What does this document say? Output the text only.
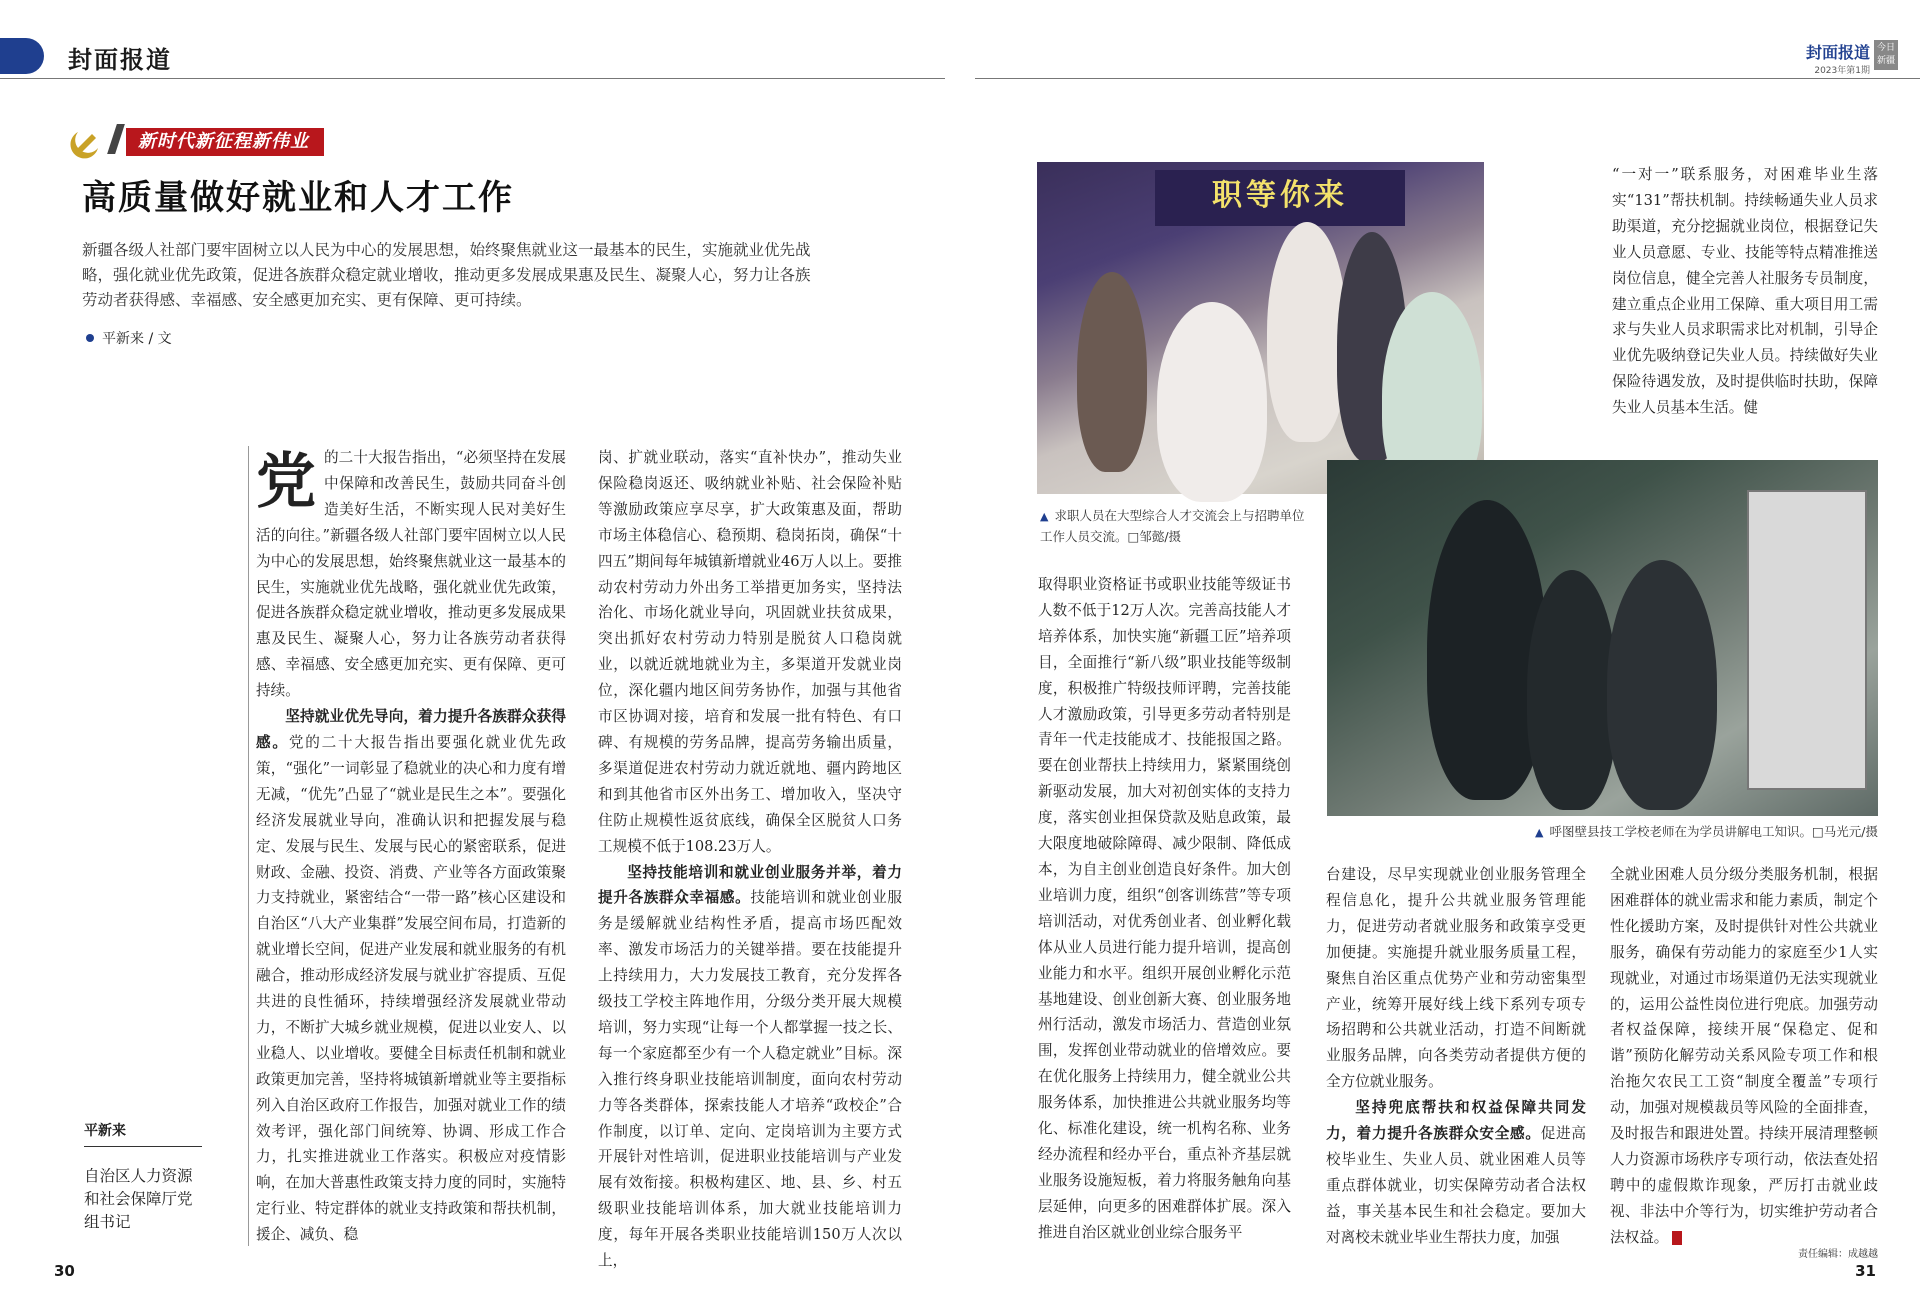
封面报道	封面报道
2023年第1期
今日新疆
新时代新征程新伟业
高质量做好就业和人才工作

新疆各级人社部门要牢固树立以人民为中心的发展思想，始终聚焦就业这一最基本的民生，实施就业优先战略，强化就业优先政策，促进各族群众稳定就业增收，推动更多发展成果惠及民生、凝聚人心，努力让各族劳动者获得感、幸福感、安全感更加充实、更有保障、更可持续。

平新来 / 文
平新来
自治区人力资源和社会保障厅党组书记

党的二十大报告指出，“必须坚持在发展中保障和改善民生，鼓励共同奋斗创造美好生活，不断实现人民对美好生活的向往。”新疆各级人社部门要牢固树立以人民为中心的发展思想，始终聚焦就业这一最基本的民生，实施就业优先战略，强化就业优先政策，促进各族群众稳定就业增收，推动更多发展成果惠及民生、凝聚人心，努力让各族劳动者获得感、幸福感、安全感更加充实、更有保障、更可持续。

坚持就业优先导向，着力提升各族群众获得感。党的二十大报告指出要强化就业优先政策，“强化”一词彰显了稳就业的决心和力度有增无减，“优先”凸显了“就业是民生之本”。要强化经济发展就业导向，准确认识和把握发展与稳定、发展与民生、发展与民心的紧密联系，促进财政、金融、投资、消费、产业等各方面政策聚力支持就业，紧密结合“一带一路”核心区建设和自治区“八大产业集群”发展空间布局，打造新的就业增长空间，促进产业发展和就业服务的有机融合，推动形成经济发展与就业扩容提质、互促共进的良性循环，持续增强经济发展就业带动力，不断扩大城乡就业规模，促进以业安人、以业稳人、以业增收。要健全目标责任机制和就业政策更加完善，坚持将城镇新增就业等主要指标列入自治区政府工作报告，加强对就业工作的绩效考评，强化部门间统筹、协调、形成工作合力，扎实推进就业工作落实。积极应对疫情影响，在加大普惠性政策支持力度的同时，实施特定行业、特定群体的就业支持政策和帮扶机制，援企、减负、稳

岗、扩就业联动，落实“直补快办”，推动失业保险稳岗返还、吸纳就业补贴、社会保险补贴等激励政策应享尽享，扩大政策惠及面，帮助市场主体稳信心、稳预期、稳岗拓岗，确保“十四五”期间每年城镇新增就业46万人以上。要推动农村劳动力外出务工举措更加务实，坚持法治化、市场化就业导向，巩固就业扶贫成果，突出抓好农村劳动力特别是脱贫人口稳岗就业，以就近就地就业为主，多渠道开发就业岗位，深化疆内地区间劳务协作，加强与其他省市区协调对接，培育和发展一批有特色、有口碑、有规模的劳务品牌，提高劳务输出质量，多渠道促进农村劳动力就近就地、疆内跨地区和到其他省市区外出务工、增加收入，坚决守住防止规模性返贫底线，确保全区脱贫人口务工规模不低于108.23万人。

坚持技能培训和就业创业服务并举，着力提升各族群众幸福感。技能培训和就业创业服务是缓解就业结构性矛盾，提高市场匹配效率、激发市场活力的关键举措。要在技能提升上持续用力，大力发展技工教育，充分发挥各级技工学校主阵地作用，分级分类开展大规模培训，努力实现“让每一个人都掌握一技之长、每一个家庭都至少有一个人稳定就业”目标。深入推行终身职业技能培训制度，面向农村劳动力等各类群体，探索技能人才培养“政校企”合作制度，以订单、定向、定岗培训为主要方式开展针对性培训，促进职业技能培训与产业发展有效衔接。积极构建区、地、县、乡、村五级职业技能培训体系，加大就业技能培训力度，每年开展各类职业技能培训150万人次以上，

职等你来
▲ 求职人员在大型综合人才交流会上与招聘单位工作人员交流。□邹懿/摄

取得职业资格证书或职业技能等级证书人数不低于12万人次。完善高技能人才培养体系，加快实施“新疆工匠”培养项目，全面推行“新八级”职业技能等级制度，积极推广特级技师评聘，完善技能人才激励政策，引导更多劳动者特别是青年一代走技能成才、技能报国之路。要在创业帮扶上持续用力，紧紧围绕创新驱动发展，加大对初创实体的支持力度，落实创业担保贷款及贴息政策，最大限度地破除障碍、减少限制、降低成本，为自主创业创造良好条件。加大创业培训力度，组织“创客训练营”等专项培训活动，对优秀创业者、创业孵化载体从业人员进行能力提升培训，提高创业能力和水平。组织开展创业孵化示范基地建设、创业创新大赛、创业服务地州行活动，激发市场活力、营造创业氛围，发挥创业带动就业的倍增效应。要在优化服务上持续用力，健全就业公共服务体系，加快推进公共就业服务均等化、标准化建设，统一机构名称、业务经办流程和经办平台，重点补齐基层就业服务设施短板，着力将服务触角向基层延伸，向更多的困难群体扩展。深入推进自治区就业创业综合服务平

“一对一”联系服务，对困难毕业生落实“131”帮扶机制。持续畅通失业人员求助渠道，充分挖掘就业岗位，根据登记失业人员意愿、专业、技能等特点精准推送岗位信息，健全完善人社服务专员制度，建立重点企业用工保障、重大项目用工需求与失业人员求职需求比对机制，引导企业优先吸纳登记失业人员。持续做好失业保险待遇发放，及时提供临时扶助，保障失业人员基本生活。健

▲ 呼图壁县技工学校老师在为学员讲解电工知识。□马光元/摄

台建设，尽早实现就业创业服务管理全程信息化，提升公共就业服务管理能力，促进劳动者就业服务和政策享受更加便捷。实施提升就业服务质量工程，聚焦自治区重点优势产业和劳动密集型产业，统筹开展好线上线下系列专项专场招聘和公共就业活动，打造不间断就业服务品牌，向各类劳动者提供方便的全方位就业服务。

坚持兜底帮扶和权益保障共同发力，着力提升各族群众安全感。促进高校毕业生、失业人员、就业困难人员等重点群体就业，切实保障劳动者合法权益，事关基本民生和社会稳定。要加大对离校未就业毕业生帮扶力度，加强

全就业困难人员分级分类服务机制，根据困难群体的就业需求和能力素质，制定个性化援助方案，及时提供针对性公共就业服务，确保有劳动能力的家庭至少1人实现就业，对通过市场渠道仍无法实现就业的，运用公益性岗位进行兜底。加强劳动者权益保障，接续开展“保稳定、促和谐”预防化解劳动关系风险专项工作和根治拖欠农民工工资“制度全覆盖”专项行动，加强对规模裁员等风险的全面排查，及时报告和跟进处置。持续开展清理整顿人力资源市场秩序专项行动，依法查处招聘中的虚假欺诈现象，严厉打击就业歧视、非法中介等行为，切实维护劳动者合法权益。

30	31
责任编辑：成越越
